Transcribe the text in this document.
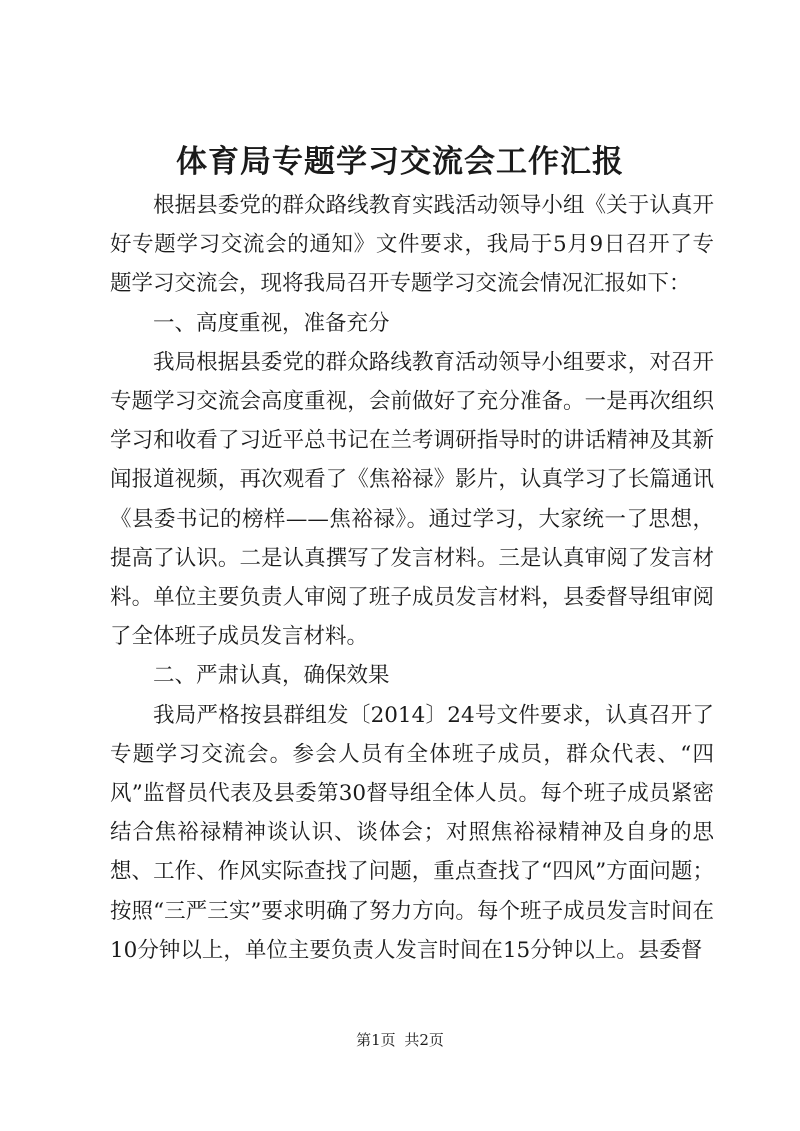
体育局专题学习交流会工作汇报

根据县委党的群众路线教育实践活动领导小组《关于认真开好专题学习交流会的通知》文件要求，我局于5月9日召开了专题学习交流会，现将我局召开专题学习交流会情况汇报如下：

一、高度重视，准备充分

我局根据县委党的群众路线教育活动领导小组要求，对召开专题学习交流会高度重视，会前做好了充分准备。一是再次组织学习和收看了习近平总书记在兰考调研指导时的讲话精神及其新闻报道视频，再次观看了《焦裕禄》影片，认真学习了长篇通讯《县委书记的榜样——焦裕禄》。通过学习，大家统一了思想，提高了认识。二是认真撰写了发言材料。三是认真审阅了发言材料。单位主要负责人审阅了班子成员发言材料，县委督导组审阅了全体班子成员发言材料。

二、严肃认真，确保效果

我局严格按县群组发〔2014〕24号文件要求，认真召开了专题学习交流会。参会人员有全体班子成员，群众代表、“四风”监督员代表及县委第30督导组全体人员。每个班子成员紧密结合焦裕禄精神谈认识、谈体会；对照焦裕禄精神及自身的思想、工作、作风实际查找了问题，重点查找了“四风”方面问题；按照“三严三实”要求明确了努力方向。每个班子成员发言时间在10分钟以上，单位主要负责人发言时间在15分钟以上。县委督

第1页 共2页
